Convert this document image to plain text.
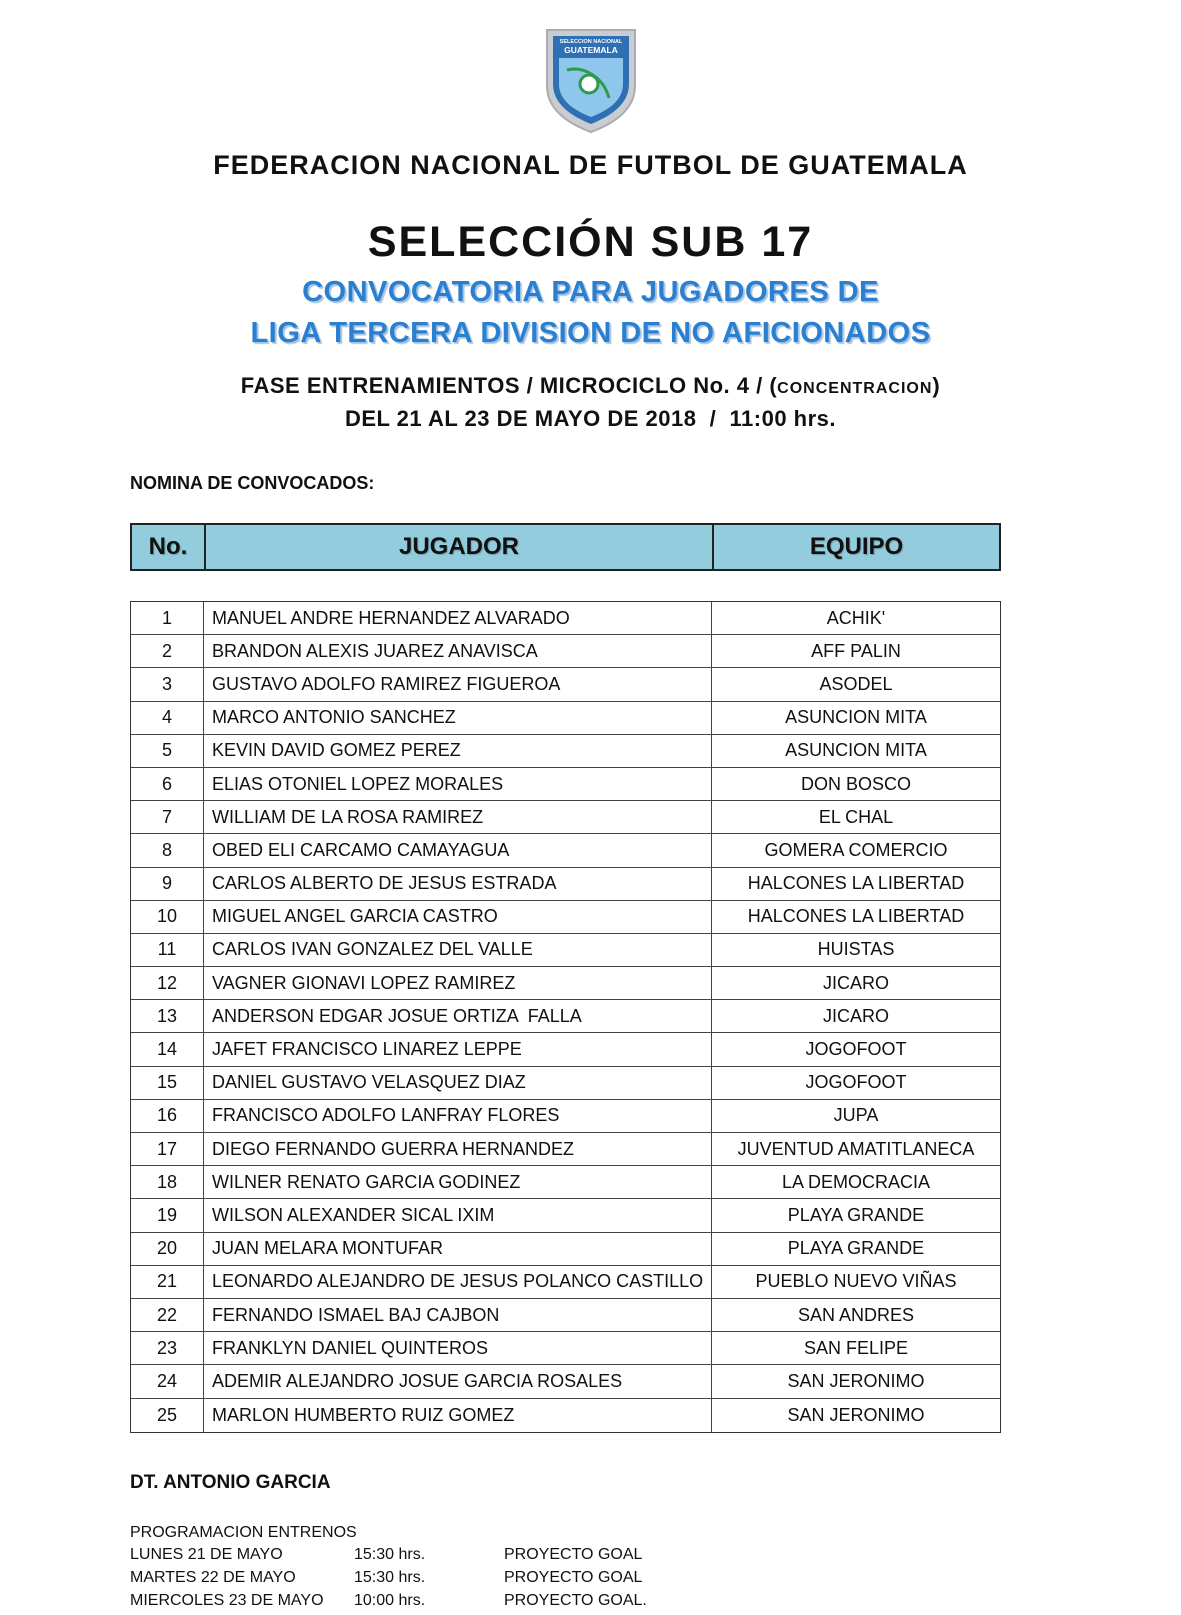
SELECCION NACIONAL
GUATEMALA
FEDERACION NACIONAL DE FUTBOL DE GUATEMALA
SELECCIÓN SUB 17
CONVOCATORIA PARA JUGADORES DE
LIGA TERCERA DIVISION DE NO AFICIONADOS
FASE ENTRENAMIENTOS / MICROCICLO No. 4 / (CONCENTRACION)
DEL 21 AL 23 DE MAYO DE 2018  /  11:00 hrs.
NOMINA DE CONVOCADOS:
No.	JUGADOR	EQUIPO
1	MANUEL ANDRE HERNANDEZ ALVARADO	ACHIK'
2	BRANDON ALEXIS JUAREZ ANAVISCA	AFF PALIN
3	GUSTAVO ADOLFO RAMIREZ FIGUEROA	ASODEL
4	MARCO ANTONIO SANCHEZ	ASUNCION MITA
5	KEVIN DAVID GOMEZ PEREZ	ASUNCION MITA
6	ELIAS OTONIEL LOPEZ MORALES	DON BOSCO
7	WILLIAM DE LA ROSA RAMIREZ	EL CHAL
8	OBED ELI CARCAMO CAMAYAGUA	GOMERA COMERCIO
9	CARLOS ALBERTO DE JESUS ESTRADA	HALCONES LA LIBERTAD
10	MIGUEL ANGEL GARCIA CASTRO	HALCONES LA LIBERTAD
11	CARLOS IVAN GONZALEZ DEL VALLE	HUISTAS
12	VAGNER GIONAVI LOPEZ RAMIREZ	JICARO
13	ANDERSON EDGAR JOSUE ORTIZA  FALLA	JICARO
14	JAFET FRANCISCO LINAREZ LEPPE	JOGOFOOT
15	DANIEL GUSTAVO VELASQUEZ DIAZ	JOGOFOOT
16	FRANCISCO ADOLFO LANFRAY FLORES	JUPA
17	DIEGO FERNANDO GUERRA HERNANDEZ	JUVENTUD AMATITLANECA
18	WILNER RENATO GARCIA GODINEZ	LA DEMOCRACIA
19	WILSON ALEXANDER SICAL IXIM	PLAYA GRANDE
20	JUAN MELARA MONTUFAR	PLAYA GRANDE
21	LEONARDO ALEJANDRO DE JESUS POLANCO CASTILLO	PUEBLO NUEVO VIÑAS
22	FERNANDO ISMAEL BAJ CAJBON	SAN ANDRES
23	FRANKLYN DANIEL QUINTEROS	SAN FELIPE
24	ADEMIR ALEJANDRO JOSUE GARCIA ROSALES	SAN JERONIMO
25	MARLON HUMBERTO RUIZ GOMEZ	SAN JERONIMO
DT. ANTONIO GARCIA
PROGRAMACION ENTRENOS
LUNES 21 DE MAYO	15:30 hrs.	PROYECTO GOAL
MARTES 22 DE MAYO	15:30 hrs.	PROYECTO GOAL
MIERCOLES 23 DE MAYO 10:00 hrs.	PROYECTO GOAL.
